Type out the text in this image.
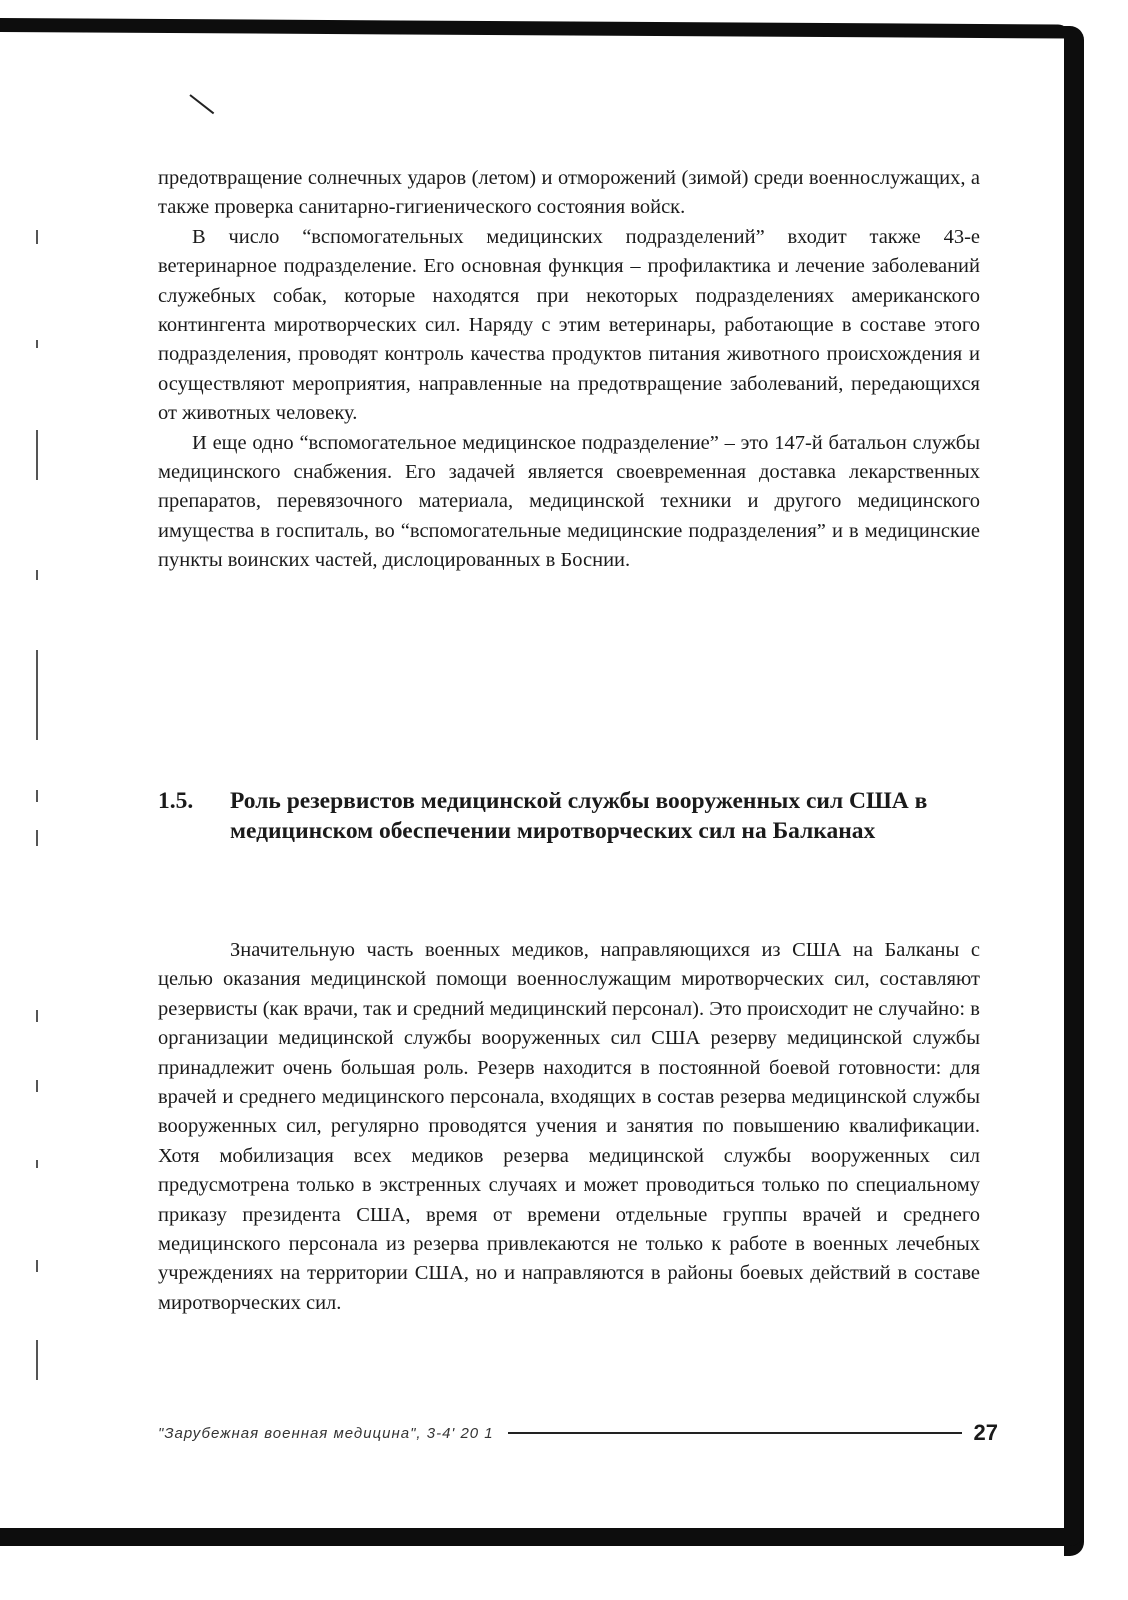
предотвращение солнечных ударов (летом) и отморожений (зимой) среди военнослужащих, а также проверка санитарно-гигиенического состояния войск.

В число “вспомогательных медицинских подразделений” входит также 43-е ветеринарное подразделение. Его основная функция – профилактика и лечение заболеваний служебных собак, которые находятся при некоторых подразделениях американского контингента миротворческих сил. Наряду с этим ветеринары, работающие в составе этого подразделения, проводят контроль качества продуктов питания животного происхождения и осуществляют мероприятия, направленные на предотвращение заболеваний, передающихся от животных человеку.

И еще одно “вспомогательное медицинское подразделение” – это 147-й батальон службы медицинского снабжения. Его задачей является своевременная доставка лекарственных препаратов, перевязочного материала, медицинской техники и другого медицинского имущества в госпиталь, во “вспомогательные медицинские подразделения” и в медицинские пункты воинских частей, дислоцированных в Боснии.

1.5.	Роль резервистов медицинской службы вооруженных сил США в медицинском обеспечении миротворческих сил на Балканах

Значительную часть военных медиков, направляющихся из США на Балканы с целью оказания медицинской помощи военнослужащим миротворческих сил, составляют резервисты (как врачи, так и средний медицинский персонал). Это происходит не случайно: в организации медицинской службы вооруженных сил США резерву медицинской службы принадлежит очень большая роль. Резерв находится в постоянной боевой готовности: для врачей и среднего медицинского персонала, входящих в состав резерва медицинской службы вооруженных сил, регулярно проводятся учения и занятия по повышению квалификации. Хотя мобилизация всех медиков резерва медицинской службы вооруженных сил предусмотрена только в экстренных случаях и может проводиться только по специальному приказу президента США, время от времени отдельные группы врачей и среднего медицинского персонала из резерва привлекаются не только к работе в военных лечебных учреждениях на территории США, но и направляются в ра͏йоны боевых действий в составе миротворческих сил.

"Зарубежная военная медицина", 3-4' 20 1	27
